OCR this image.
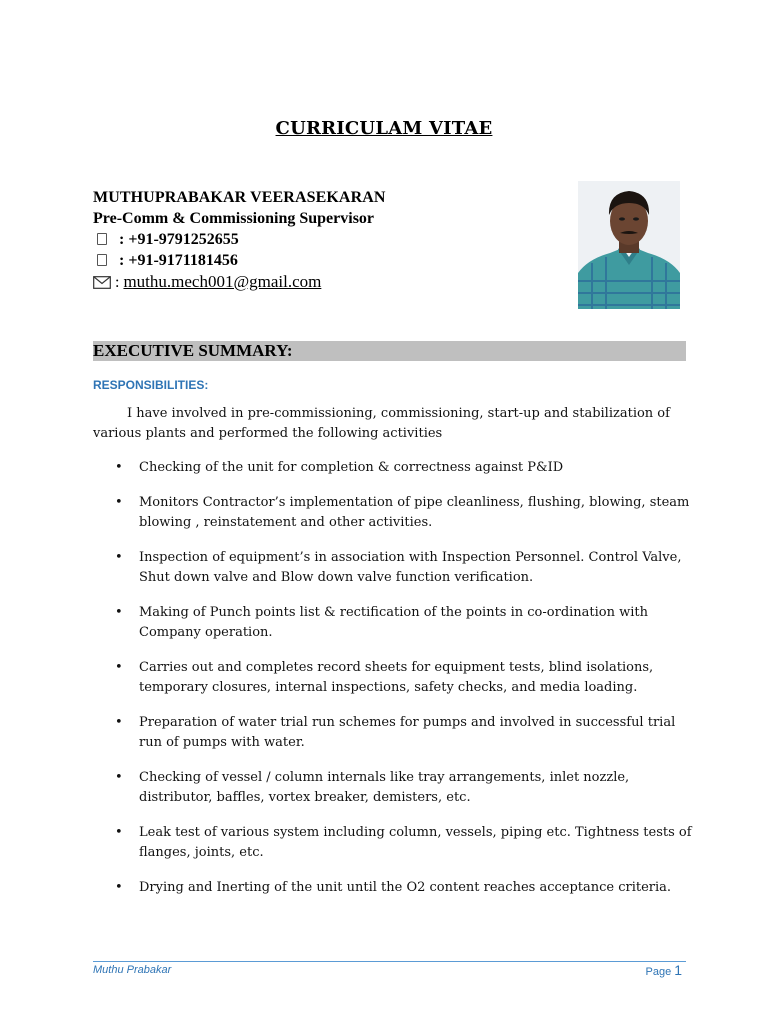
CURRICULAM VITAE
MUTHUPRABAKAR VEERASEKARAN
Pre-Comm & Commissioning Supervisor
: +91-9791252655
: +91-9171181456
: muthu.mech001@gmail.com
EXECUTIVE SUMMARY:
RESPONSIBILITIES:
I have involved in pre-commissioning, commissioning, start-up and stabilization of various plants and performed the following activities
• Checking of the unit for completion & correctness against P&ID
• Monitors Contractor’s implementation of pipe cleanliness, flushing, blowing, steam blowing , reinstatement and other activities.
• Inspection of equipment’s in association with Inspection Personnel. Control Valve, Shut down valve and Blow down valve function verification.
• Making of Punch points list & rectification of the points in co-ordination with Company operation.
• Carries out and completes record sheets for equipment tests, blind isolations, temporary closures, internal inspections, safety checks, and media loading.
• Preparation of water trial run schemes for pumps and involved in successful trial run of pumps with water.
• Checking of vessel / column internals like tray arrangements, inlet nozzle, distributor, baffles, vortex breaker, demisters, etc.
• Leak test of various system including column, vessels, piping etc. Tightness tests of flanges, joints, etc.
• Drying and Inerting of the unit until the O2 content reaches acceptance criteria.
Muthu Prabakar	Page 1
